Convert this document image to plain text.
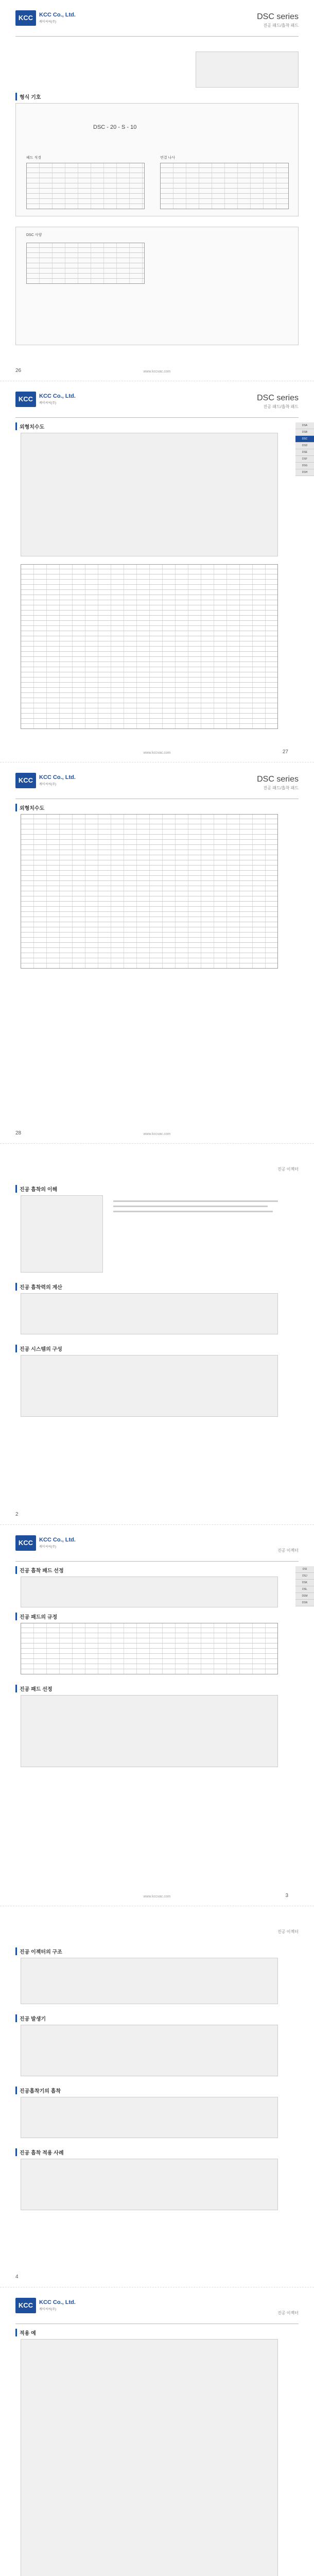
KCC	KCC Co., Ltd.
케이씨씨(주)
DSC series
진공 패드/흡착 패드
형식 기호
DSC - 20 - S - 10
패드 직경	연결 나사
DSC 사양
26	www.kccvac.com
KCC	KCC Co., Ltd.
케이씨씨(주)
DSC series
진공 패드/흡착 패드
외형치수도	DSA
DSB
DSC
DSD
DSE
DSF
DSG
DSH
27
www.kccvac.com
KCC	KCC Co., Ltd.
케이씨씨(주)
DSC series
진공 패드/흡착 패드
외형치수도
28	www.kccvac.com
진공 이젝터
진공 흡착의 이해
진공 흡착력의 계산
진공 시스템의 구성
2
KCC	KCC Co., Ltd.
케이씨씨(주)
진공 이젝터
진공 흡착 패드 선정
진공 패드의 규정
진공 패드 선정
DSI
DSJ
DSK
DSL
DSM
DSN
3
www.kccvac.com
진공 이젝터
진공 이젝터의 구조
진공 발생기
진공흡착기의 흡착
진공 흡착 적용 사례
4
KCC	KCC Co., Ltd.
케이씨씨(주)
진공 이젝터
적용 예
